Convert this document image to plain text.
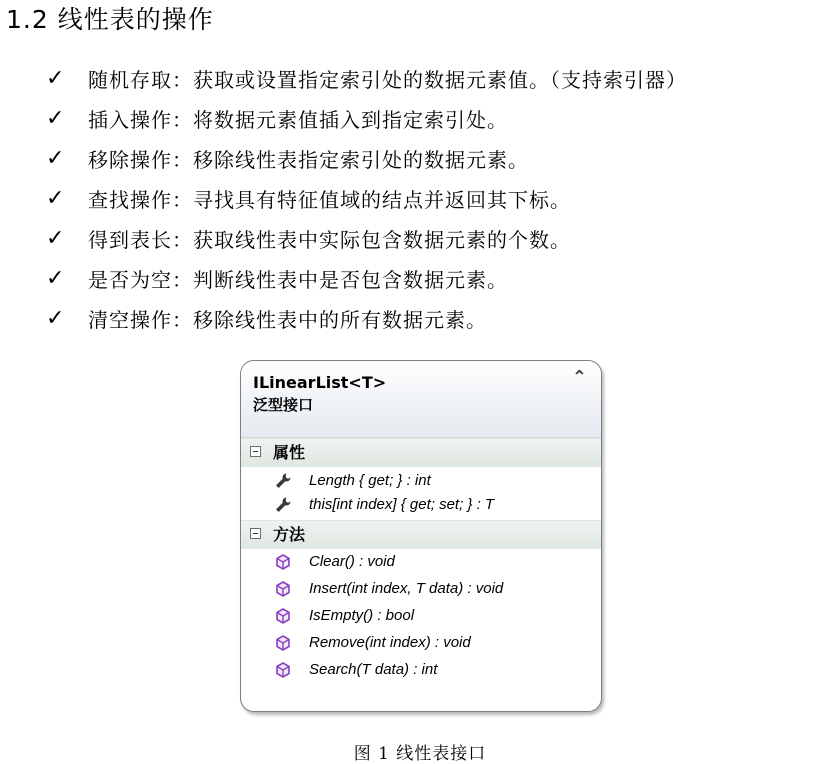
1.2 线性表的操作
✓	随机存取：获取或设置指定索引处的数据元素值。（支持索引器）
✓	插入操作：将数据元素值插入到指定索引处。
✓	移除操作：移除线性表指定索引处的数据元素。
✓	查找操作：寻找具有特征值域的结点并返回其下标。
✓	得到表长：获取线性表中实际包含数据元素的个数。
✓	是否为空：判断线性表中是否包含数据元素。
✓	清空操作：移除线性表中的所有数据元素。
ILinearList<T>
泛型接口
⌃

属性
Length { get; } : int
this[int index] { get; set; } : T
方法
Clear() : void
Insert(int index, T data) : void
IsEmpty() : bool
Remove(int index) : void
Search(T data) : int
图 1 线性表接口
